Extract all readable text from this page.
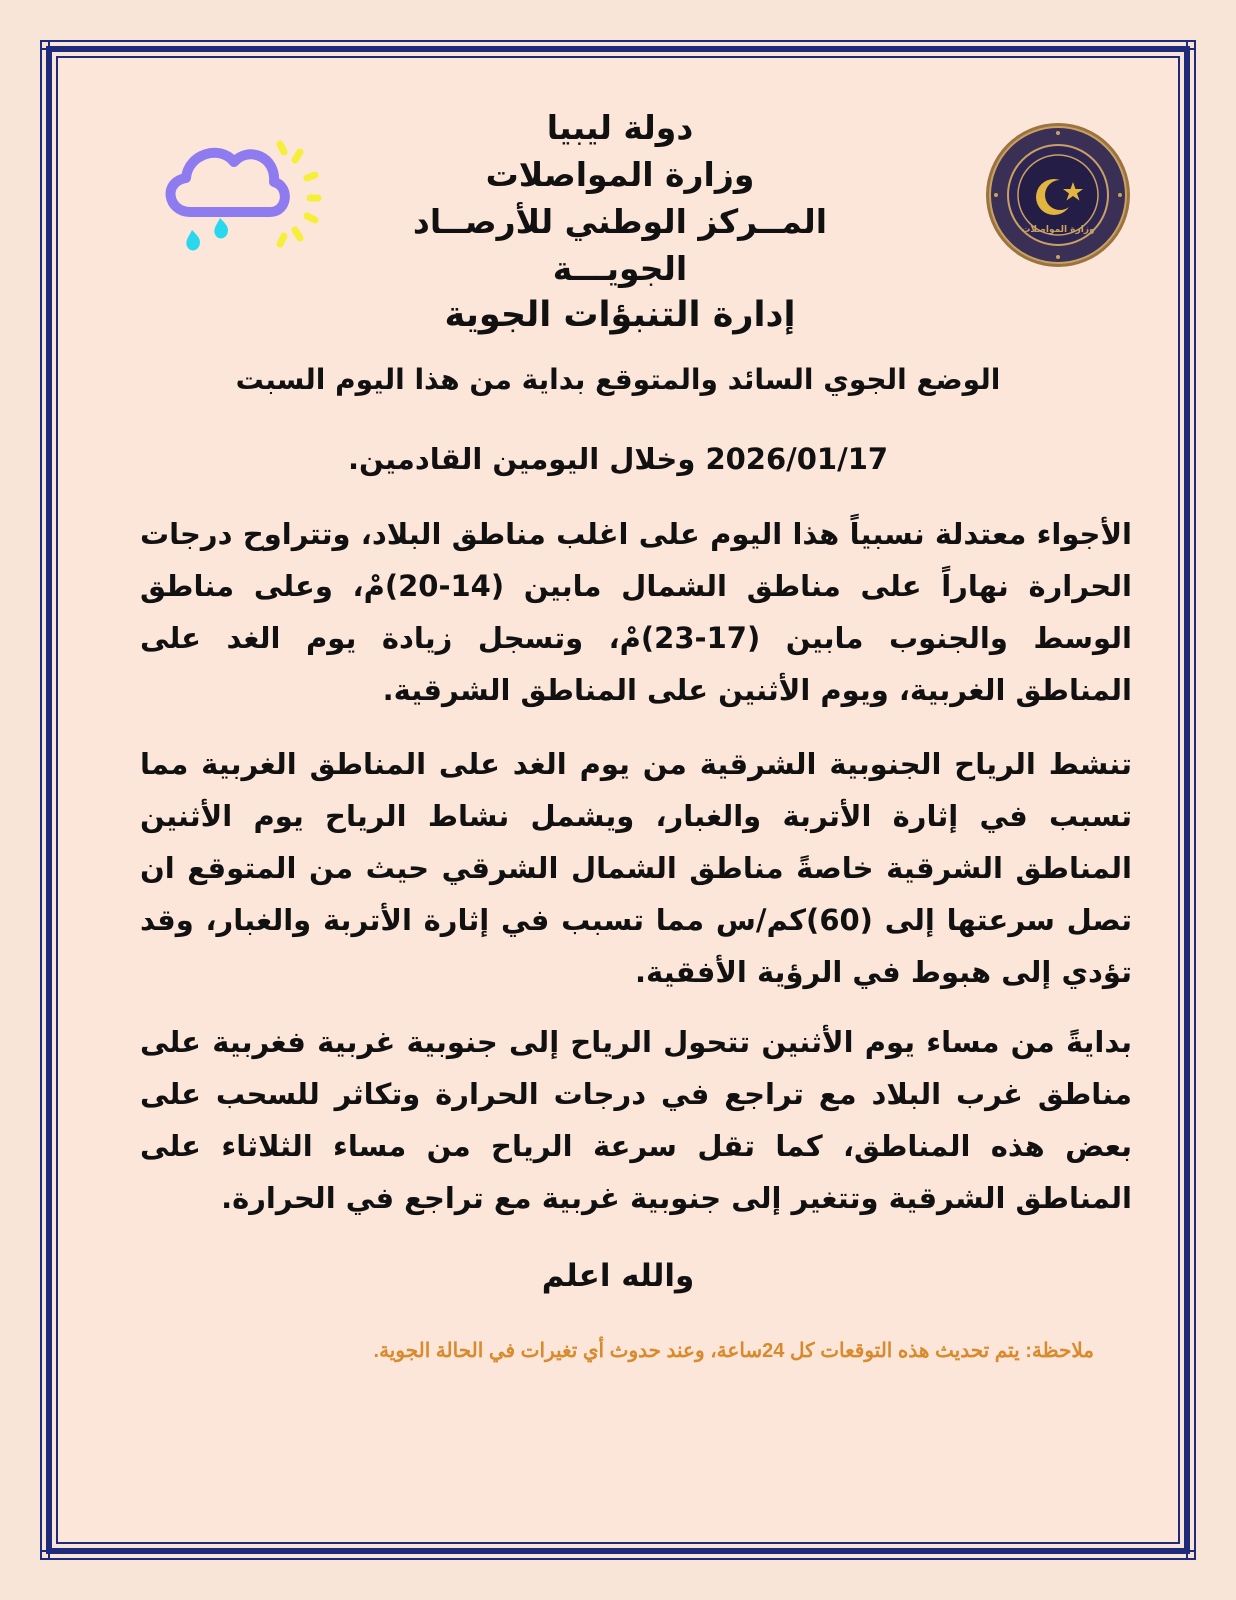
دولة ليبيا
وزارة المواصلات
المــركز الوطني للأرصــاد الجويـــة
إدارة التنبؤات الجوية
وزارة المواصلات
الوضع الجوي السائد والمتوقع بداية من هذا اليوم السبت
2026/01/17 وخلال اليومين القادمين.
الأجواء معتدلة نسبياً هذا اليوم على اغلب مناطق البلاد، وتتراوح درجات الحرارة نهاراً على مناطق الشمال مابين (14-20)مْ، وعلى مناطق الوسط والجنوب مابين (17-23)مْ، وتسجل زيادة يوم الغد على المناطق الغربية، ويوم الأثنين على المناطق الشرقية.
تنشط الرياح الجنوبية الشرقية من يوم الغد على المناطق الغربية مما تسبب في إثارة الأتربة والغبار، ويشمل نشاط الرياح يوم الأثنين المناطق الشرقية خاصةً مناطق الشمال الشرقي حيث من المتوقع ان تصل سرعتها إلى (60)كم/س مما تسبب في إثارة الأتربة والغبار، وقد تؤدي إلى هبوط في الرؤية الأفقية.
بدايةً من مساء يوم الأثنين تتحول الرياح إلى جنوبية غربية فغربية على مناطق غرب البلاد مع تراجع في درجات الحرارة وتكاثر للسحب على بعض هذه المناطق، كما تقل سرعة الرياح من مساء الثلاثاء على المناطق الشرقية وتتغير إلى جنوبية غربية مع تراجع في الحرارة.
والله اعلم
ملاحظة: يتم تحديث هذه التوقعات كل 24ساعة، وعند حدوث أي تغيرات في الحالة الجوية.
